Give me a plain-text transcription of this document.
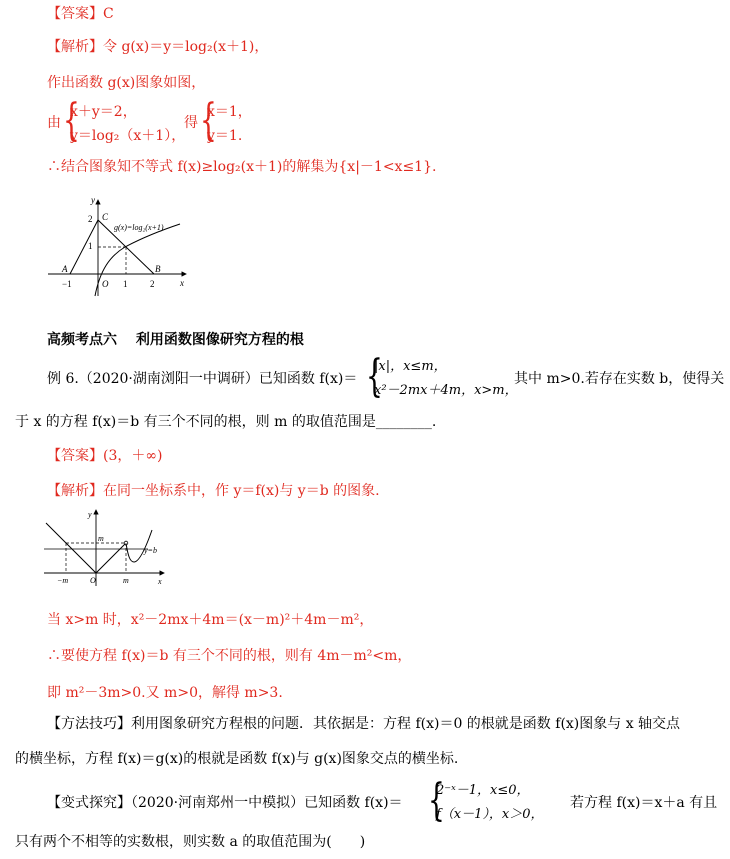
【答案】C
【解析】令 g(x)＝y＝log₂(x＋1)，
作出函数 g(x)图象如图，
由 {
x＋y＝2，
y＝log₂（x＋1），
得 {
x＝1，
y＝1.
∴结合图象知不等式 f(x)≥log₂(x＋1)的解集为{x|－1<x≤1}.
y
x
C
2
1
A	B
O
−1	1	2
g(x)=log₂(x+1)
高频考点六　 利用函数图像研究方程的根
例 6.（2020·湖南浏阳一中调研）已知函数 f(x)＝ {
|x|，x≤m，
x²－2mx＋4m，x>m，
其中 m>0.若存在实数 b，使得关
于 x 的方程 f(x)＝b 有三个不同的根，则 m 的取值范围是________.
【答案】(3，＋∞)
【解析】在同一坐标系中，作 y＝f(x)与 y＝b 的图象.
y
x
m
−m	O	m
y=b
当 x>m 时，x²－2mx＋4m＝(x－m)²＋4m－m²，
∴要使方程 f(x)＝b 有三个不同的根，则有 4m－m²<m，
即 m²－3m>0.又 m>0，解得 m>3.
【方法技巧】利用图象研究方程根的问题．其依据是：方程 f(x)＝0 的根就是函数 f(x)图象与 x 轴交点
的横坐标，方程 f(x)＝g(x)的根就是函数 f(x)与 g(x)图象交点的横坐标.
【变式探究】（2020·河南郑州一中模拟）已知函数 f(x)＝ {
2⁻ˣ－1，x≤0，
f（x－1），x＞0，
若方程 f(x)＝x＋a 有且
只有两个不相等的实数根，则实数 a 的取值范围为(　　)
